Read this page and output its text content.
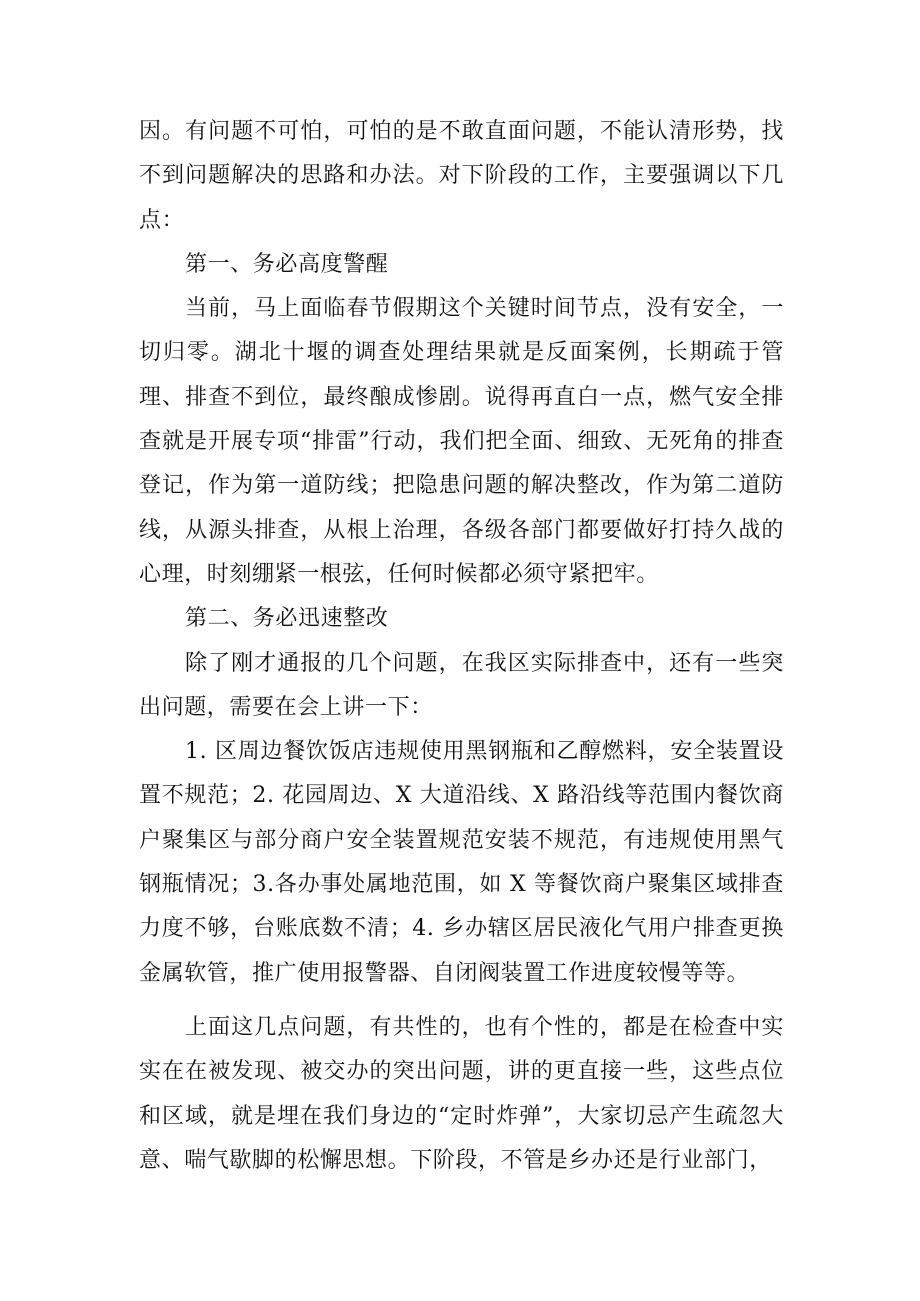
因。有问题不可怕，可怕的是不敢直面问题，不能认清形势，找不到问题解决的思路和办法。对下阶段的工作，主要强调以下几点：

第一、务必高度警醒

当前，马上面临春节假期这个关键时间节点，没有安全，一切归零。湖北十堰的调查处理结果就是反面案例，长期疏于管理、排查不到位，最终酿成惨剧。说得再直白一点，燃气安全排查就是开展专项“排雷”行动，我们把全面、细致、无死角的排查登记，作为第一道防线；把隐患问题的解决整改，作为第二道防线，从源头排查，从根上治理，各级各部门都要做好打持久战的心理，时刻绷紧一根弦，任何时候都必须守紧把牢。

第二、务必迅速整改

除了刚才通报的几个问题，在我区实际排查中，还有一些突出问题，需要在会上讲一下：

1. 区周边餐饮饭店违规使用黑钢瓶和乙醇燃料，安全装置设置不规范；2. 花园周边、X 大道沿线、X 路沿线等范围内餐饮商户聚集区与部分商户安全装置规范安装不规范，有违规使用黑气钢瓶情况；3.各办事处属地范围，如 X 等餐饮商户聚集区域排查力度不够，台账底数不清；4. 乡办辖区居民液化气用户排查更换金属软管，推广使用报警器、自闭阀装置工作进度较慢等等。

上面这几点问题，有共性的，也有个性的，都是在检查中实实在在被发现、被交办的突出问题，讲的更直接一些，这些点位和区域，就是埋在我们身边的“定时炸弹”，大家切忌产生疏忽大意、喘气歇脚的松懈思想。下阶段，不管是乡办还是行业部门，
